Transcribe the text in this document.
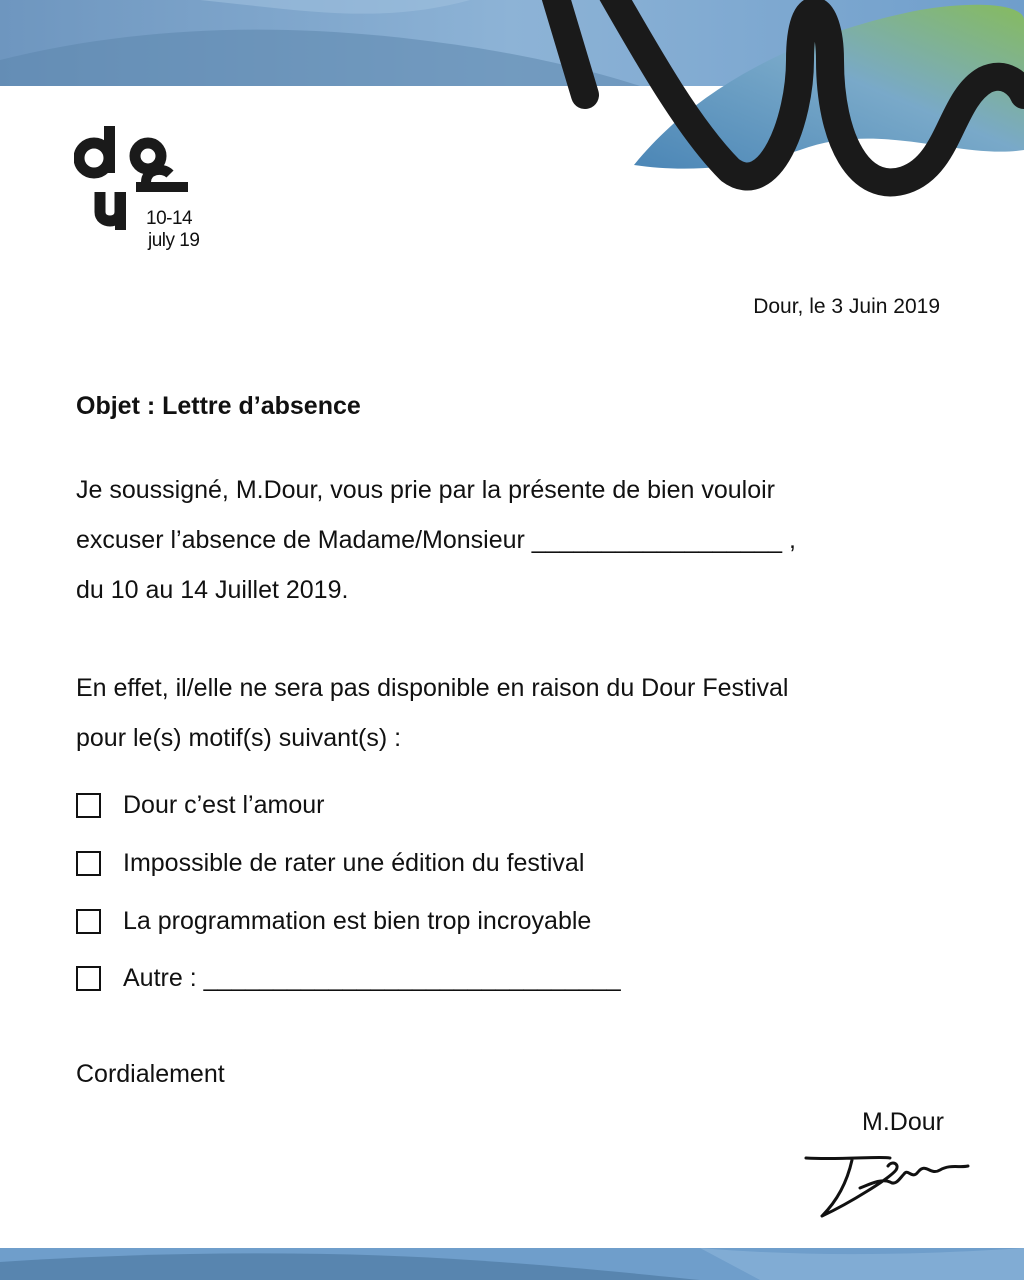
10-14
july 19
Dour, le 3 Juin 2019
Objet : Lettre d’absence
Je soussigné, M.Dour, vous prie par la présente de bien vouloir
excuser l’absence de Madame/Monsieur __________________ ,
du 10 au 14 Juillet 2019.
En effet, il/elle ne sera pas disponible en raison du Dour Festival
pour le(s) motif(s) suivant(s) :
Dour c’est l’amour
Impossible de rater une édition du festival
La programmation est bien trop incroyable
Autre : ______________________________
Cordialement
M.Dour
